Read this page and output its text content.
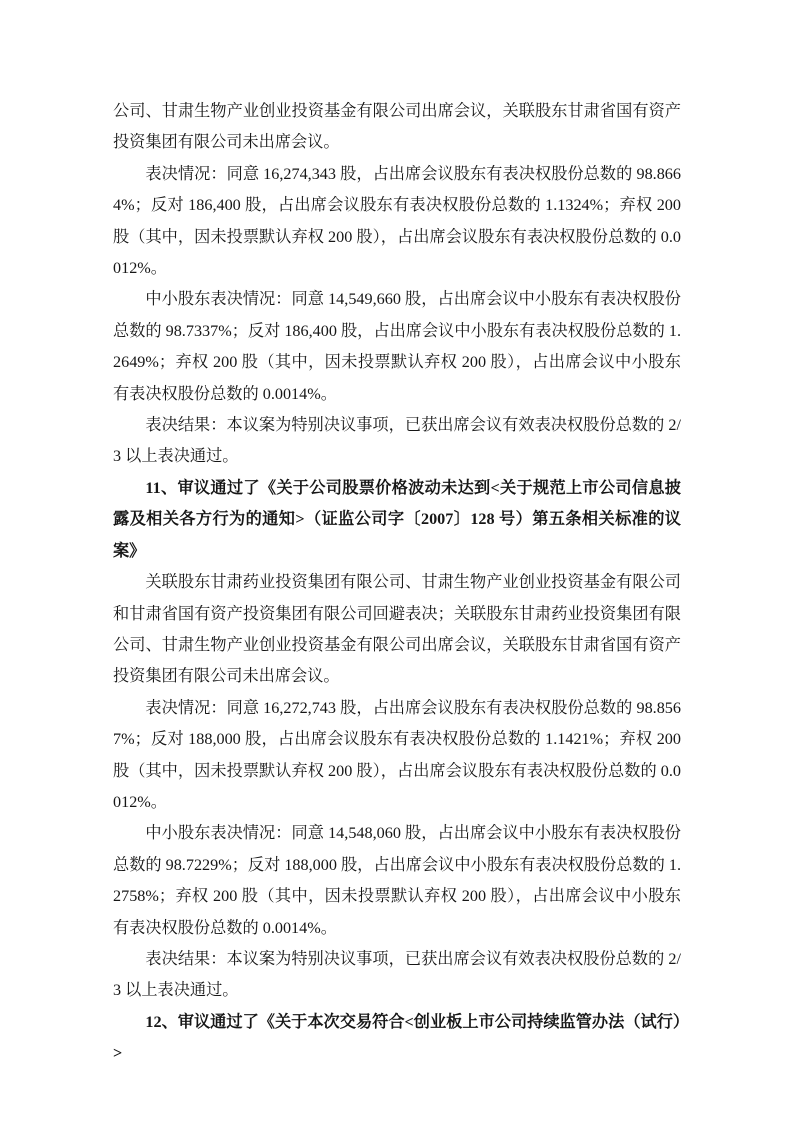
公司、甘肃生物产业创业投资基金有限公司出席会议，关联股东甘肃省国有资产投资集团有限公司未出席会议。

表决情况：同意 16,274,343 股，占出席会议股东有表决权股份总数的 98.8664%；反对 186,400 股，占出席会议股东有表决权股份总数的 1.1324%；弃权 200 股（其中，因未投票默认弃权 200 股），占出席会议股东有表决权股份总数的 0.0012%。

中小股东表决情况：同意 14,549,660 股，占出席会议中小股东有表决权股份总数的 98.7337%；反对 186,400 股，占出席会议中小股东有表决权股份总数的 1.2649%；弃权 200 股（其中，因未投票默认弃权 200 股），占出席会议中小股东有表决权股份总数的 0.0014%。

表决结果：本议案为特别决议事项，已获出席会议有效表决权股份总数的 2/3 以上表决通过。

11、审议通过了《关于公司股票价格波动未达到<关于规范上市公司信息披露及相关各方行为的通知>（证监公司字〔2007〕128 号）第五条相关标准的议案》

关联股东甘肃药业投资集团有限公司、甘肃生物产业创业投资基金有限公司和甘肃省国有资产投资集团有限公司回避表决；关联股东甘肃药业投资集团有限公司、甘肃生物产业创业投资基金有限公司出席会议，关联股东甘肃省国有资产投资集团有限公司未出席会议。

表决情况：同意 16,272,743 股，占出席会议股东有表决权股份总数的 98.8567%；反对 188,000 股，占出席会议股东有表决权股份总数的 1.1421%；弃权 200 股（其中，因未投票默认弃权 200 股），占出席会议股东有表决权股份总数的 0.0012%。

中小股东表决情况：同意 14,548,060 股，占出席会议中小股东有表决权股份总数的 98.7229%；反对 188,000 股，占出席会议中小股东有表决权股份总数的 1.2758%；弃权 200 股（其中，因未投票默认弃权 200 股），占出席会议中小股东有表决权股份总数的 0.0014%。

表决结果：本议案为特别决议事项，已获出席会议有效表决权股份总数的 2/3 以上表决通过。

12、审议通过了《关于本次交易符合<创业板上市公司持续监管办法（试行）>
